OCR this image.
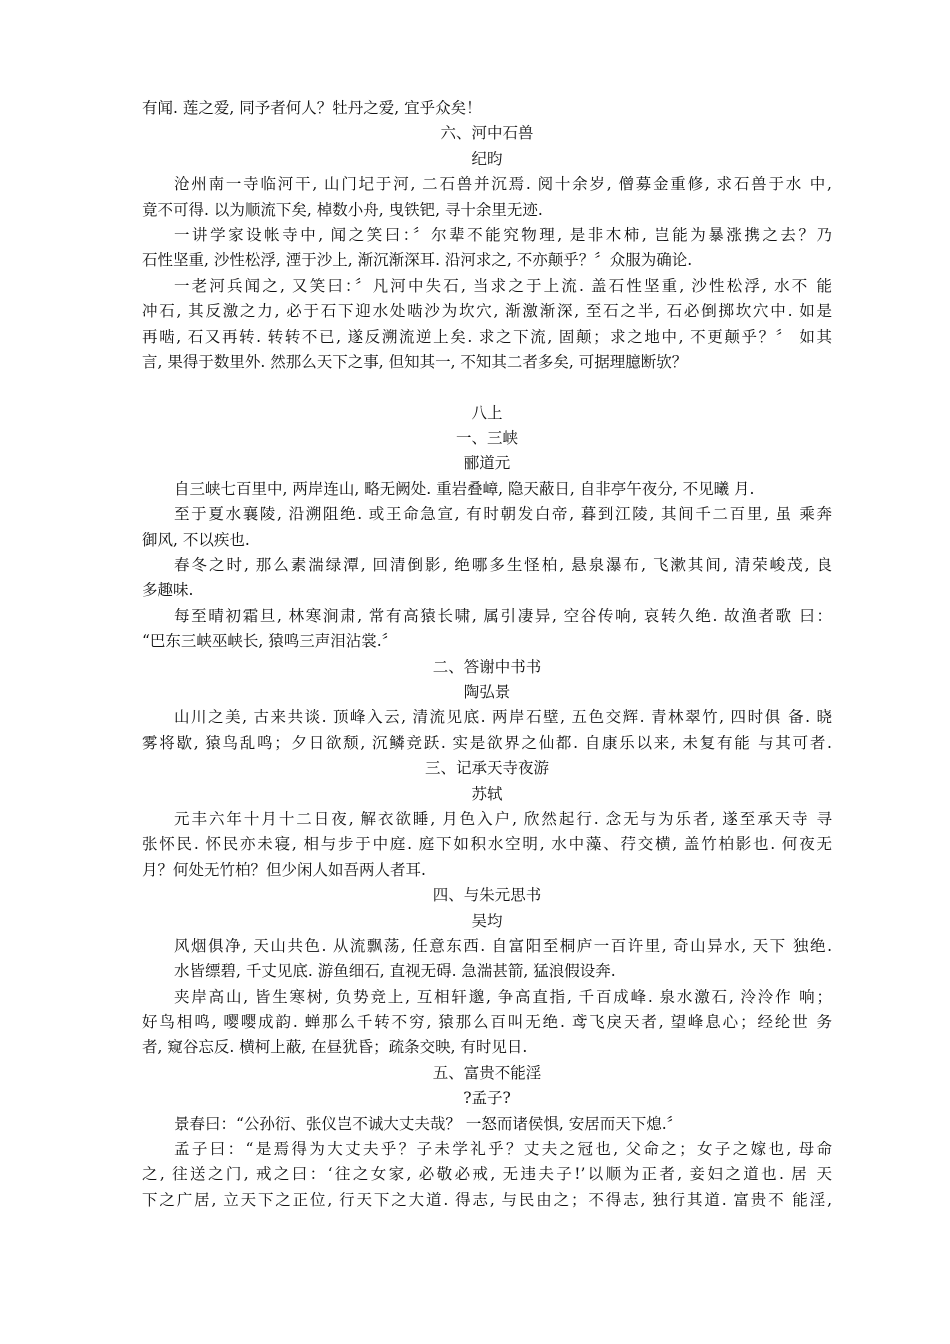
有闻. 莲之爱, 同予者何人？牡丹之爱, 宜乎众矣！
六、河中石兽
纪昀
沧州南一寺临河干, 山门圮于河, 二石兽并沉焉. 阅十余岁, 僧募金重修, 求石兽于水 中,
竟不可得. 以为顺流下矣, 棹数小舟, 曳铁钯, 寻十余里无迹.
一讲学家设帐寺中, 闻之笑曰：〞尔辈不能究物理, 是非木柿, 岂能为暴涨携之去？乃
石性坚重, 沙性松浮, 湮于沙上, 渐沉渐深耳. 沿河求之, 不亦颠乎？〞众服为确论.
一老河兵闻之, 又笑曰：〞凡河中失石, 当求之于上流. 盖石性坚重, 沙性松浮, 水不 能
冲石, 其反激之力, 必于石下迎水处啮沙为坎穴, 渐激渐深, 至石之半, 石必倒掷坎穴中. 如是
再啮, 石又再转. 转转不已, 遂反溯流逆上矣. 求之下流, 固颠；求之地中, 不更颠乎？〞 如其
言, 果得于数里外. 然那么天下之事, 但知其一, 不知其二者多矣, 可据理臆断欤？
八上
一、三峡
郦道元
自三峡七百里中, 两岸连山, 略无阙处. 重岩叠嶂, 隐天蔽日, 自非亭午夜分, 不见曦 月.
至于夏水襄陵, 沿溯阻绝. 或王命急宣, 有时朝发白帝, 暮到江陵, 其间千二百里, 虽 乘奔
御风, 不以疾也.
春冬之时, 那么素湍绿潭, 回清倒影, 绝哪多生怪柏, 悬泉瀑布, 飞漱其间, 清荣峻茂, 良
多趣味.
每至晴初霜旦, 林寒涧肃, 常有高猿长啸, 属引凄异, 空谷传响, 哀转久绝. 故渔者歌 曰：
“巴东三峡巫峡长, 猿鸣三声泪沾裳.〞
二、答谢中书书
陶弘景
山川之美, 古来共谈. 顶峰入云, 清流见底. 两岸石壁, 五色交辉. 青林翠竹, 四时俱 备. 晓
雾将歇, 猿鸟乱鸣；夕日欲颓, 沉鳞竞跃. 实是欲界之仙都. 自康乐以来, 未复有能 与其可者.
三、记承天寺夜游
苏轼
元丰六年十月十二日夜, 解衣欲睡, 月色入户, 欣然起行. 念无与为乐者, 遂至承天寺 寻
张怀民. 怀民亦未寝, 相与步于中庭. 庭下如积水空明, 水中藻、荇交横, 盖竹柏影也. 何夜无
月？何处无竹柏？但少闲人如吾两人者耳.
四、与朱元思书
吴均
风烟俱净, 天山共色. 从流飘荡, 任意东西. 自富阳至桐庐一百许里, 奇山异水, 天下 独绝.
水皆缥碧, 千丈见底. 游鱼细石, 直视无碍. 急湍甚箭, 猛浪假设奔.
夹岸高山, 皆生寒树, 负势竞上, 互相轩邈, 争高直指, 千百成峰. 泉水激石, 泠泠作 响；
好鸟相鸣, 嘤嘤成韵. 蝉那么千转不穷, 猿那么百叫无绝. 鸢飞戾天者, 望峰息心；经纶世 务
者, 窥谷忘反. 横柯上蔽, 在昼犹昏；疏条交映, 有时见日.
五、富贵不能淫
?孟子?
景春曰：“公孙衍、张仪岂不诚大丈夫哉？ 一怒而诸侯惧, 安居而天下熄.〞
孟子曰：“是焉得为大丈夫乎？子未学礼乎？丈夫之冠也, 父命之；女子之嫁也, 母命
之, 往送之门, 戒之曰：‘往之女家, 必敬必戒, 无违夫子!’以顺为正者, 妾妇之道也. 居 天
下之广居, 立天下之正位, 行天下之大道. 得志, 与民由之；不得志, 独行其道. 富贵不 能淫,
